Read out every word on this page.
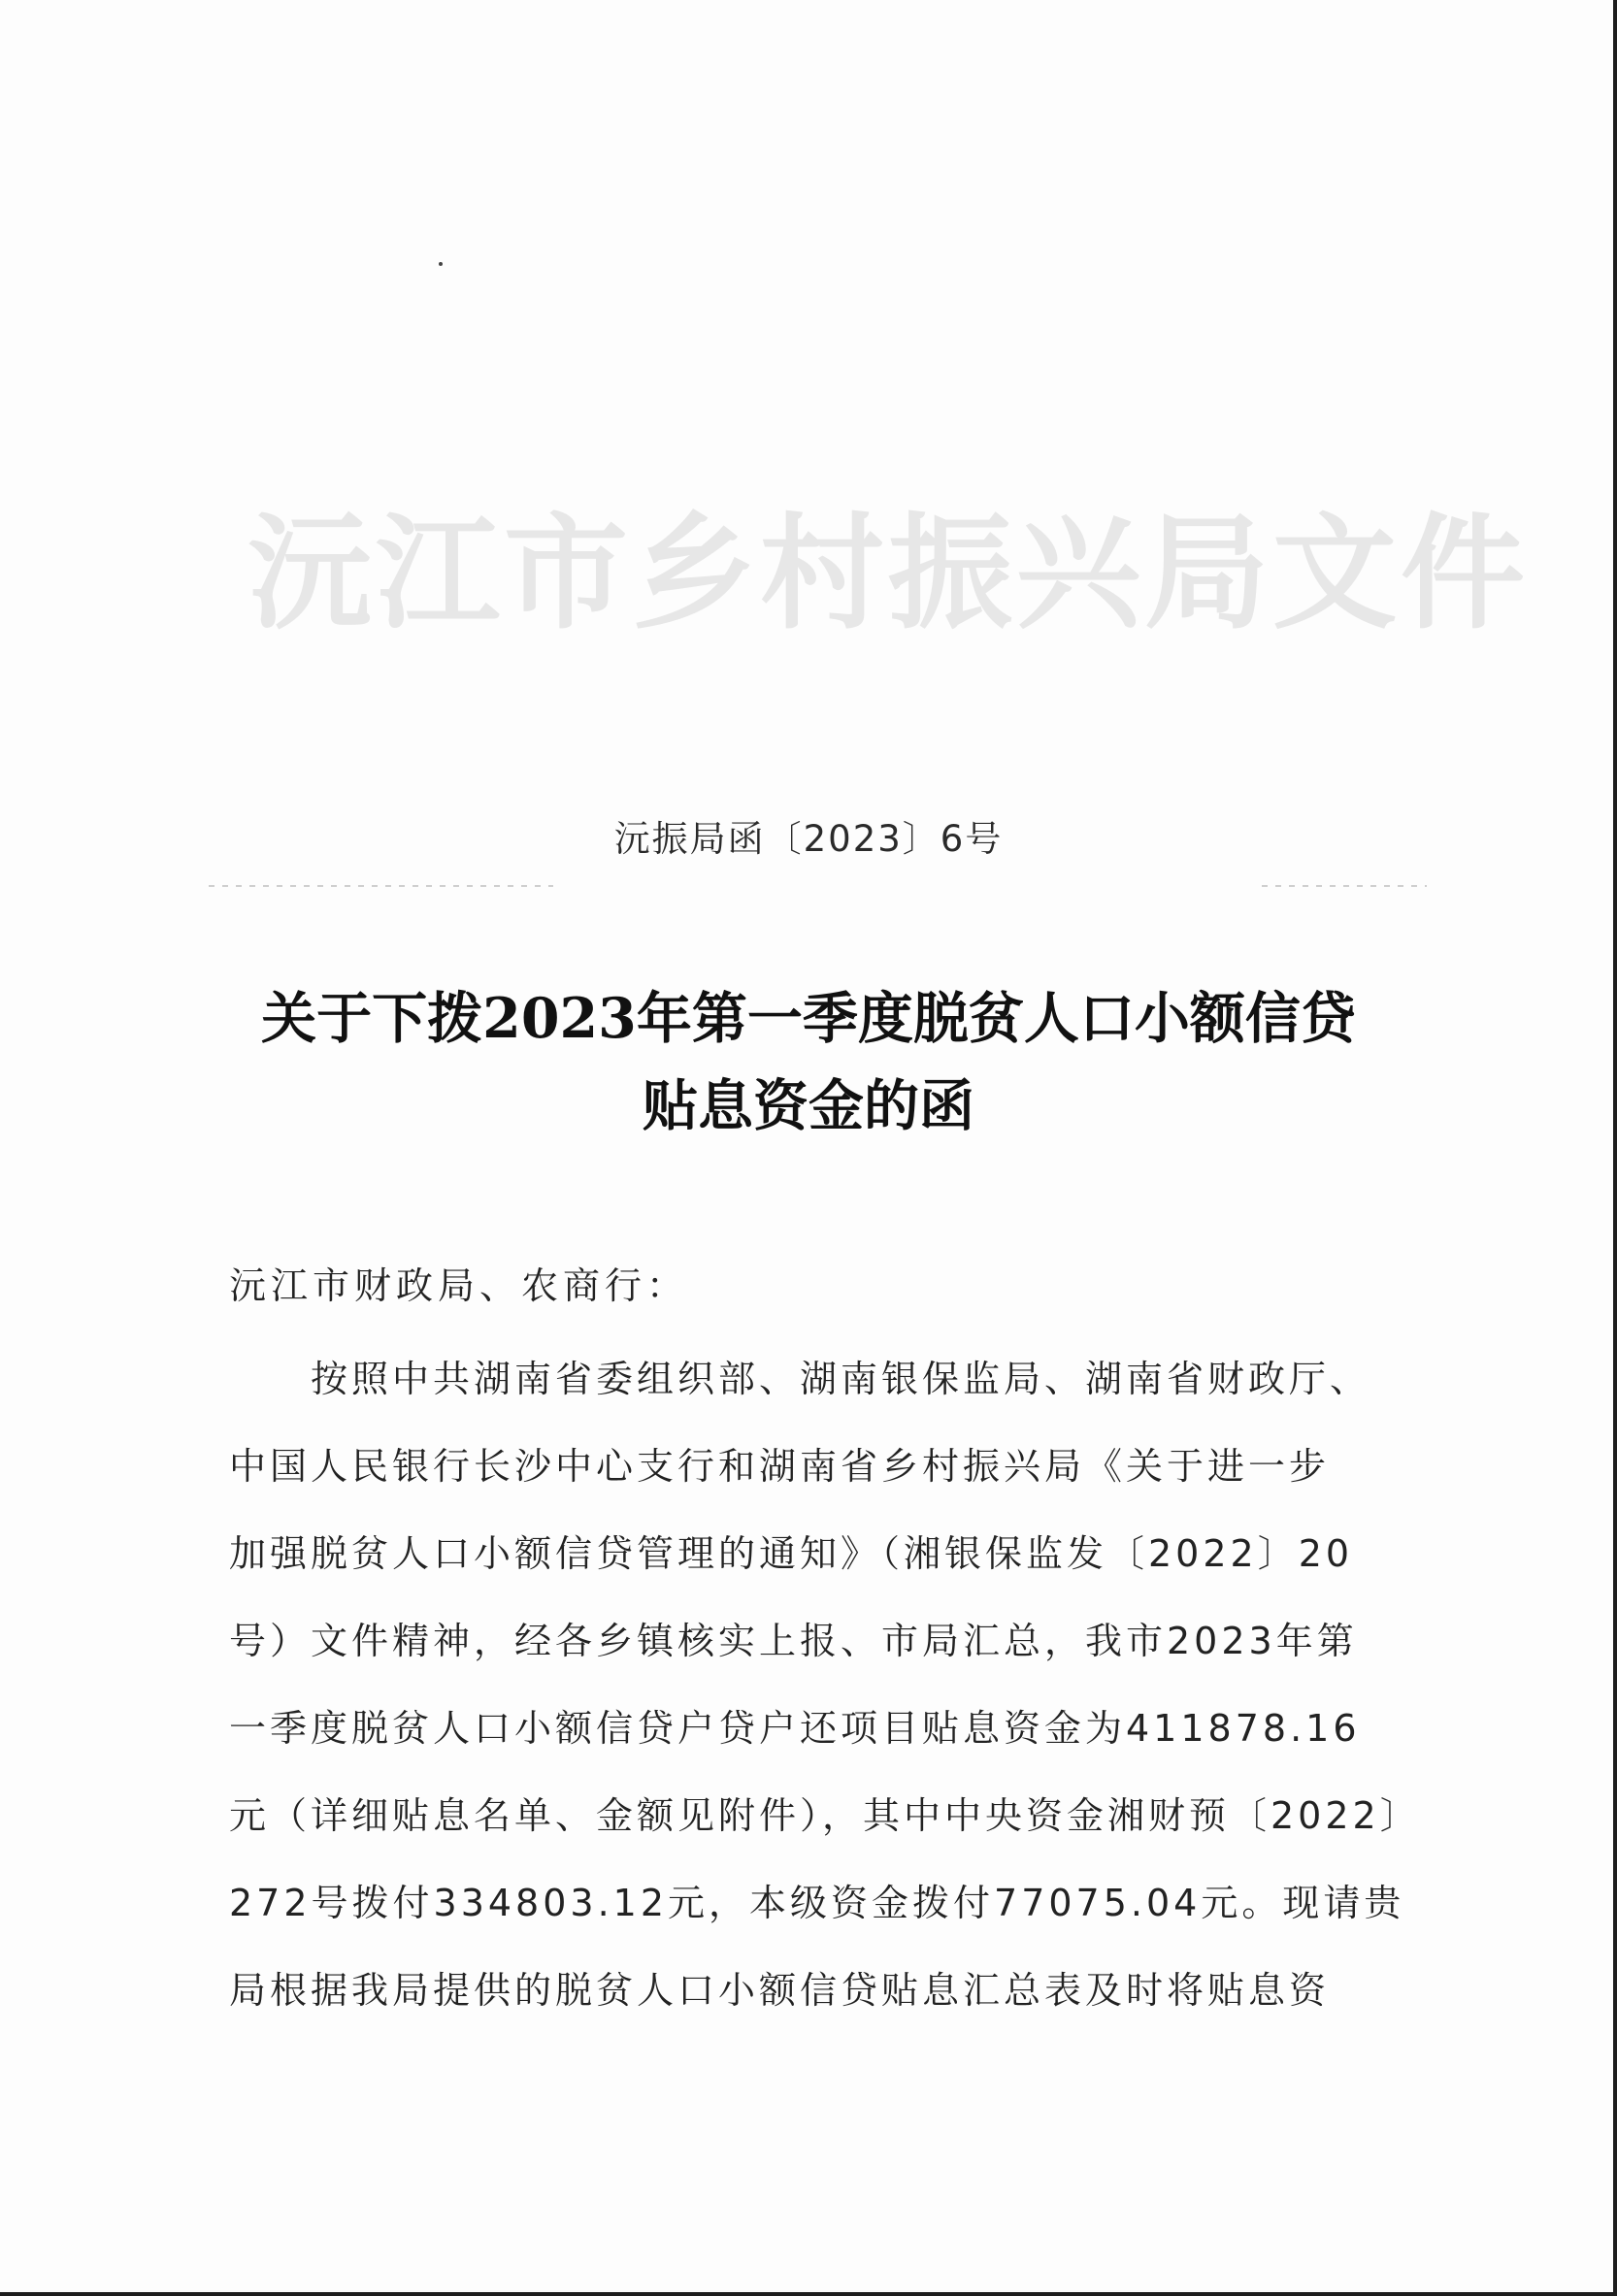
沅江市乡村振兴局文件
沅振局函〔2023〕6号
关于下拨2023年第一季度脱贫人口小额信贷
贴息资金的函
沅江市财政局、农商行：
按照中共湖南省委组织部、湖南银保监局、湖南省财政厅、
中国人民银行长沙中心支行和湖南省乡村振兴局《关于进一步
加强脱贫人口小额信贷管理的通知》（湘银保监发〔2022〕20
号）文件精神，经各乡镇核实上报、市局汇总，我市2023年第
一季度脱贫人口小额信贷户贷户还项目贴息资金为411878.16
元（详细贴息名单、金额见附件），其中中央资金湘财预〔2022〕
272号拨付334803.12元，本级资金拨付77075.04元。现请贵
局根据我局提供的脱贫人口小额信贷贴息汇总表及时将贴息资
